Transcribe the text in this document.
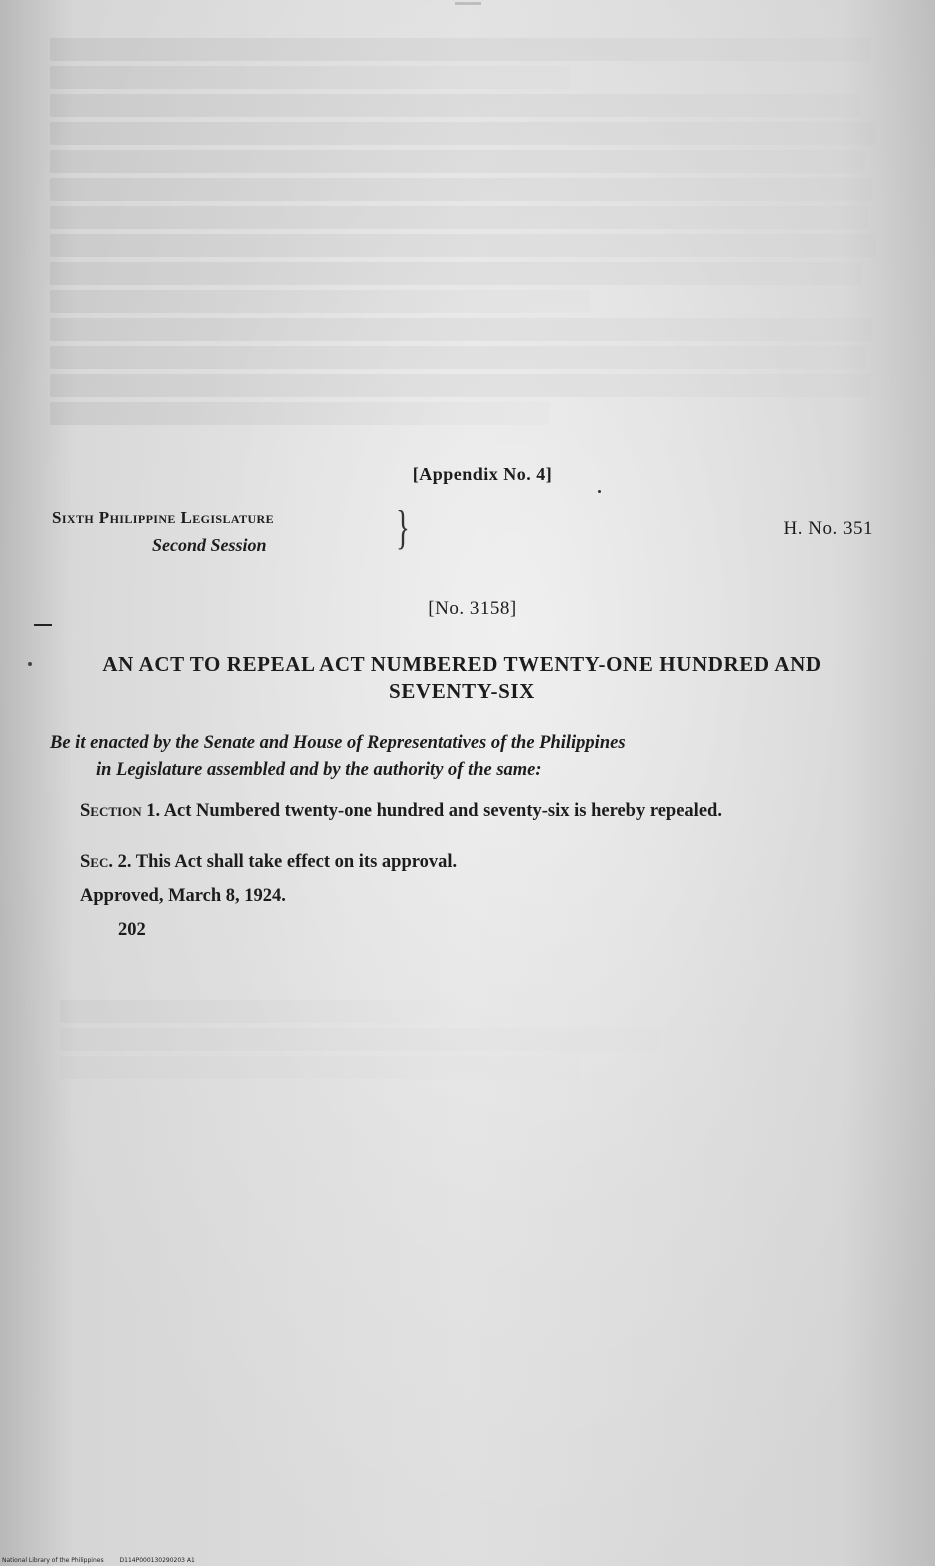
[Appendix No. 4]
Sixth Philippine Legislature
Second Session	}	H. No. 351
[No. 3158]
AN ACT TO REPEAL ACT NUMBERED TWENTY-ONE HUNDRED AND SEVENTY-SIX
Be it enacted by the Senate and House of Representatives of the Philippines
in Legislature assembled and by the authority of the same:
Section 1. Act Numbered twenty-one hundred and seventy-six is hereby repealed.
Sec. 2. This Act shall take effect on its approval.
Approved, March 8, 1924.
202
National Library of the Philippines	D114P000130290203 A1
